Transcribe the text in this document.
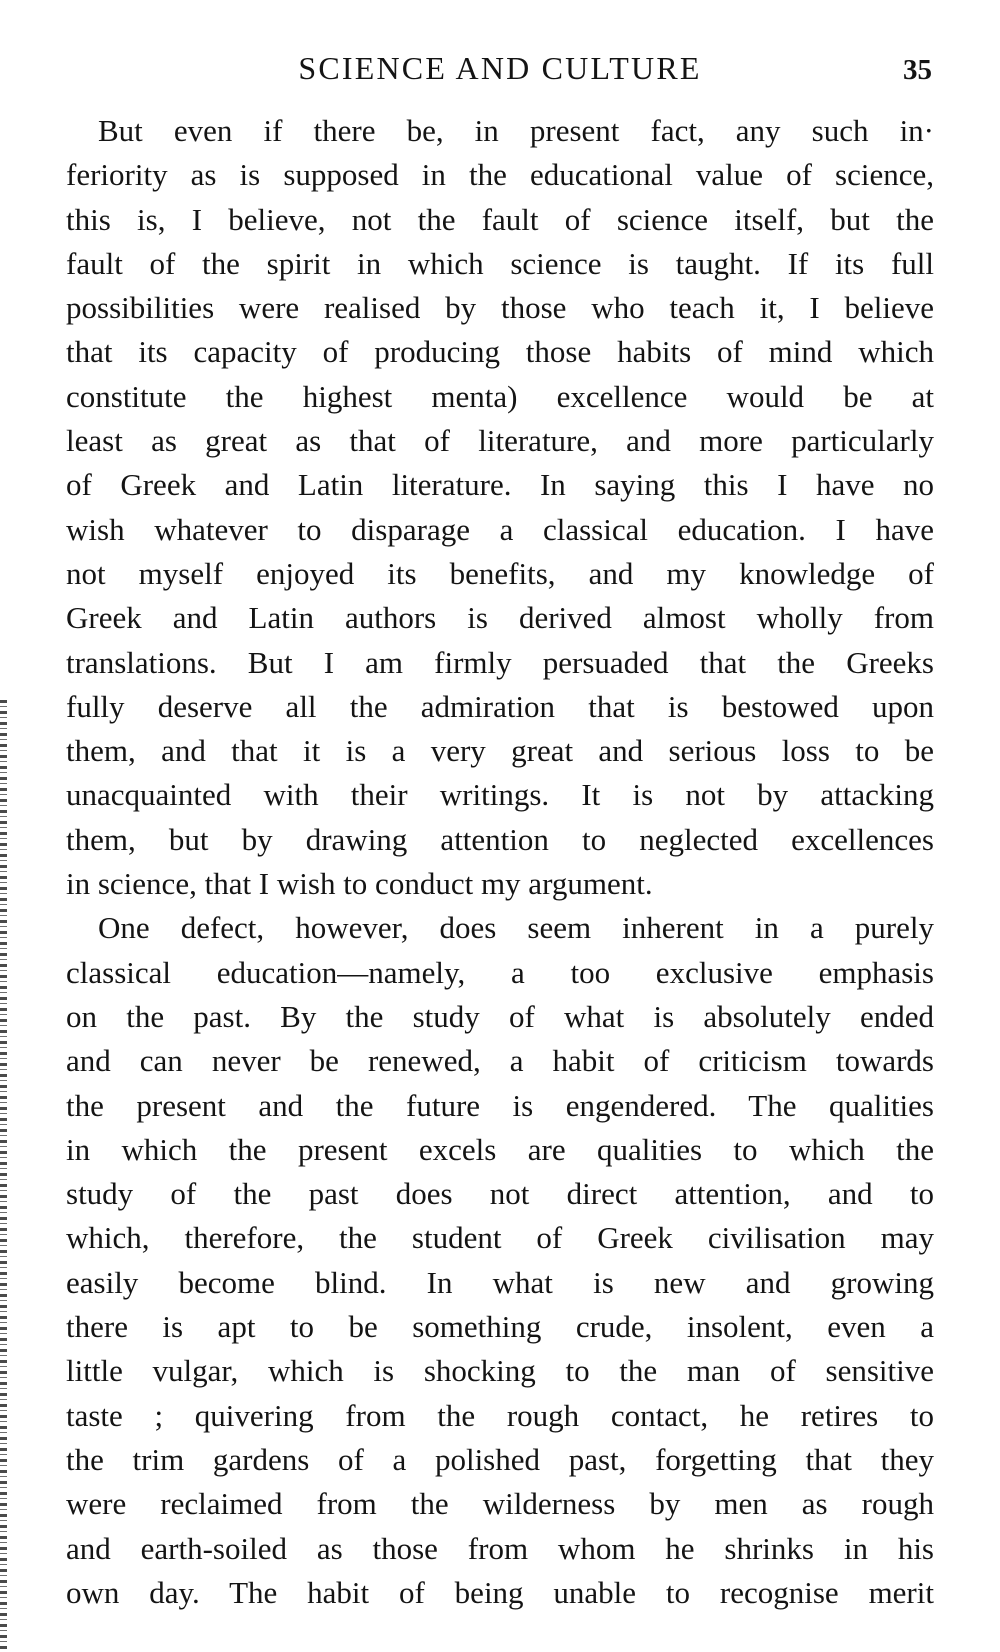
SCIENCE AND CULTURE	35
But even if there be, in present fact, any such in·
feriority as is supposed in the educational value of science,
this is, I believe, not the fault of science itself, but the
fault of the spirit in which science is taught. If its full
possibilities were realised by those who teach it, I believe
that its capacity of producing those habits of mind which
constitute the highest menta) excellence would be at
least as great as that of literature, and more particularly
of Greek and Latin literature. In saying this I have no
wish whatever to disparage a classical education. I have
not myself enjoyed its benefits, and my knowledge of
Greek and Latin authors is derived almost wholly from
translations. But I am firmly persuaded that the Greeks
fully deserve all the admiration that is bestowed upon
them, and that it is a very great and serious loss to be
unacquainted with their writings. It is not by attacking
them, but by drawing attention to neglected excellences
in science, that I wish to conduct my argument.
One defect, however, does seem inherent in a purely
classical education—namely, a too exclusive emphasis
on the past. By the study of what is absolutely ended
and can never be renewed, a habit of criticism towards
the present and the future is engendered. The qualities
in which the present excels are qualities to which the
study of the past does not direct attention, and to
which, therefore, the student of Greek civilisation may
easily become blind. In what is new and growing
there is apt to be something crude, insolent, even a
little vulgar, which is shocking to the man of sensitive
taste ; quivering from the rough contact, he retires to
the trim gardens of a polished past, forgetting that they
were reclaimed from the wilderness by men as rough
and earth-soiled as those from whom he shrinks in his
own day. The habit of being unable to recognise merit
